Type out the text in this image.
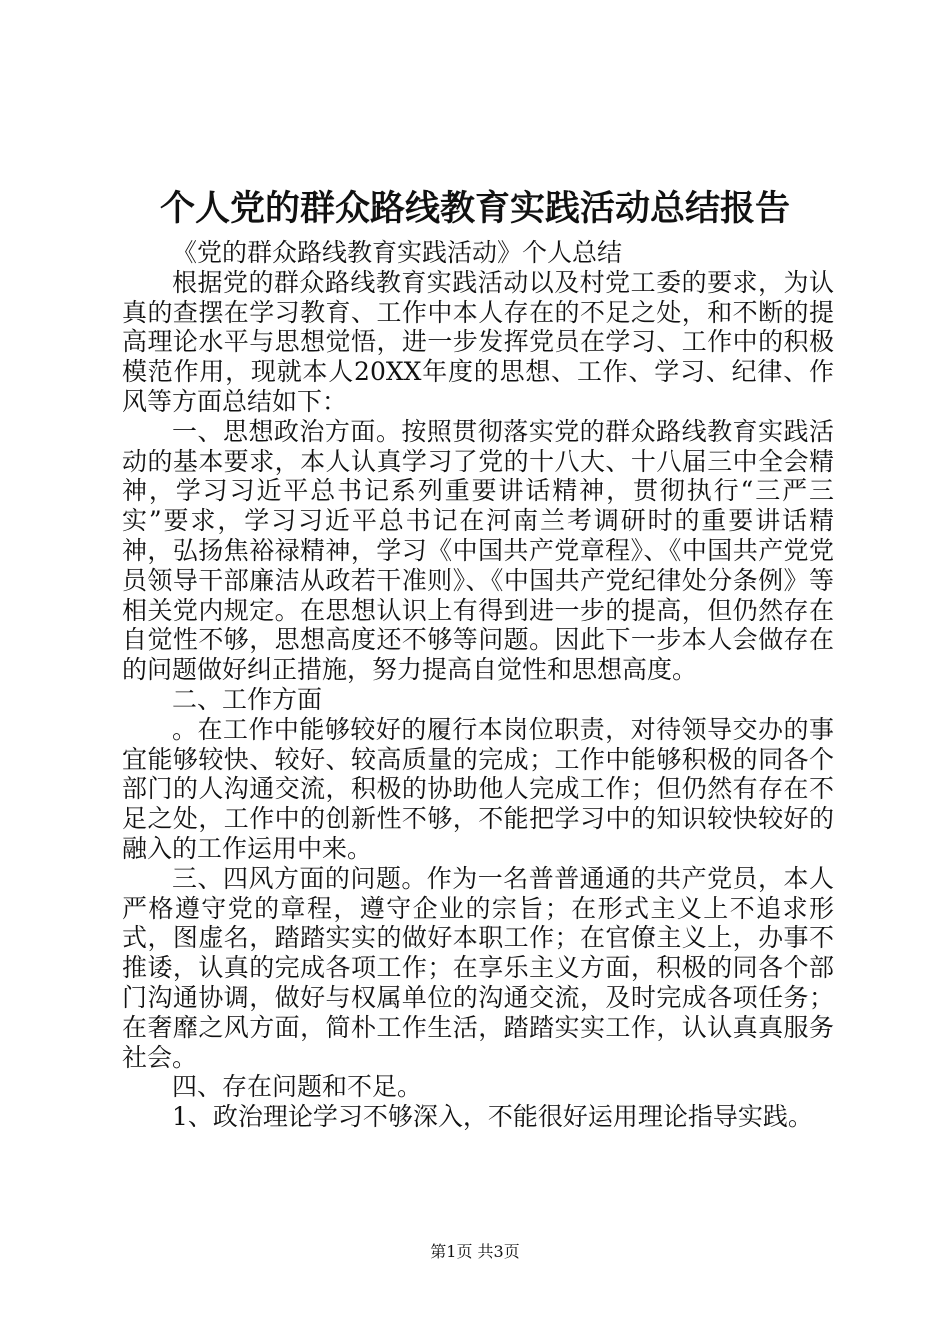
个人党的群众路线教育实践活动总结报告

《党的群众路线教育实践活动》个人总结

根据党的群众路线教育实践活动以及村党工委的要求，为认真的查摆在学习教育、工作中本人存在的不足之处，和不断的提高理论水平与思想觉悟，进一步发挥党员在学习、工作中的积极模范作用，现就本人20XX年度的思想、工作、学习、纪律、作风等方面总结如下：

一、思想政治方面。按照贯彻落实党的群众路线教育实践活动的基本要求，本人认真学习了党的十八大、十八届三中全会精神，学习习近平总书记系列重要讲话精神，贯彻执行“三严三实”要求，学习习近平总书记在河南兰考调研时的重要讲话精神，弘扬焦裕禄精神，学习《中国共产党章程》、《中国共产党党员领导干部廉洁从政若干准则》、《中国共产党纪律处分条例》等相关党内规定。在思想认识上有得到进一步的提高，但仍然存在自觉性不够，思想高度还不够等问题。因此下一步本人会做存在的问题做好纠正措施，努力提高自觉性和思想高度。

二、工作方面

。在工作中能够较好的履行本岗位职责，对待领导交办的事宜能够较快、较好、较高质量的完成；工作中能够积极的同各个部门的人沟通交流，积极的协助他人完成工作；但仍然有存在不足之处，工作中的创新性不够，不能把学习中的知识较快较好的融入的工作运用中来。

三、四风方面的问题。作为一名普普通通的共产党员，本人严格遵守党的章程，遵守企业的宗旨；在形式主义上不追求形式，图虚名，踏踏实实的做好本职工作；在官僚主义上，办事不推诿，认真的完成各项工作；在享乐主义方面，积极的同各个部门沟通协调，做好与权属单位的沟通交流，及时完成各项任务；在奢靡之风方面，简朴工作生活，踏踏实实工作，认认真真服务社会。

四、存在问题和不足。

1、政治理论学习不够深入，不能很好运用理论指导实践。

第1页 共3页
